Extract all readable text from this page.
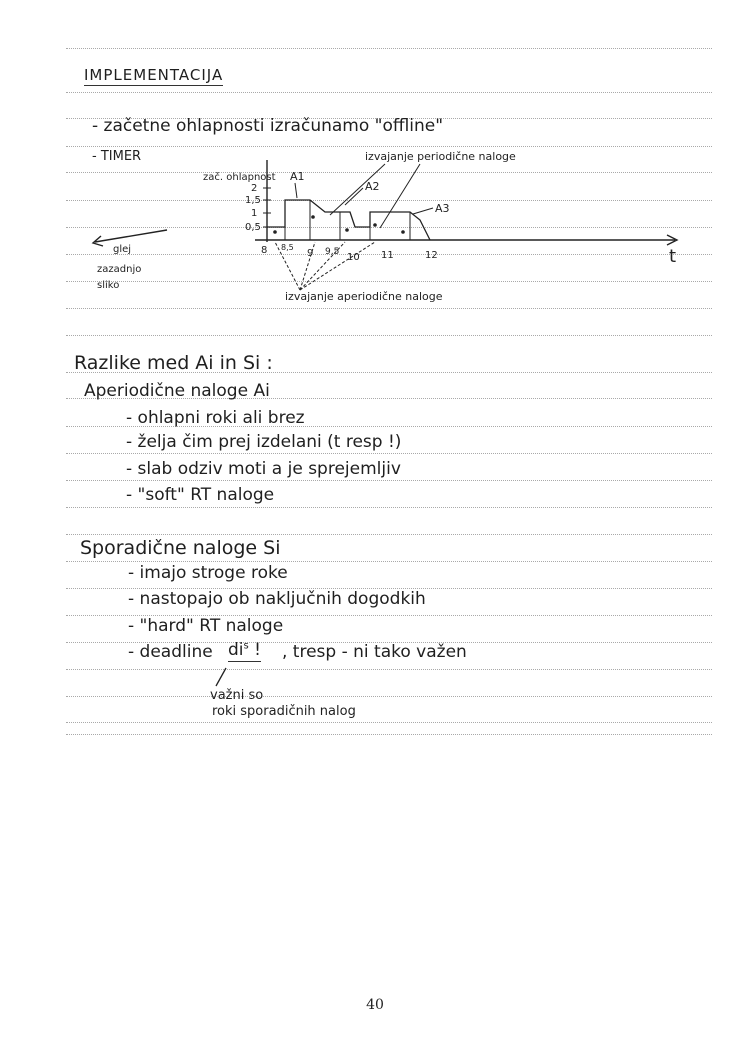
IMPLEMENTACIJA
- začetne ohlapnosti izračunamo "offline"
- TIMER
2
1,5
1
0,5
zač. ohlapnost
8 8,5
9 9,5 10 11	12
A1
A2
A3
izvajanje periodične naloge
izvajanje aperiodične naloge
t
glej
zazadnjo
sliko
Razlike med Ai in Si :
Aperiodične naloge Ai
- ohlapni roki ali brez
- želja čim prej izdelani (t resp !)
- slab odziv moti a je sprejemljiv
- "soft" RT naloge
Sporadične naloge Si
- imajo stroge roke
- nastopajo ob naključnih dogodkih
- "hard" RT naloge
- deadline $di^s$ ! , tresp - ni tako važen
važni so
roki sporadičnih nalog
40
